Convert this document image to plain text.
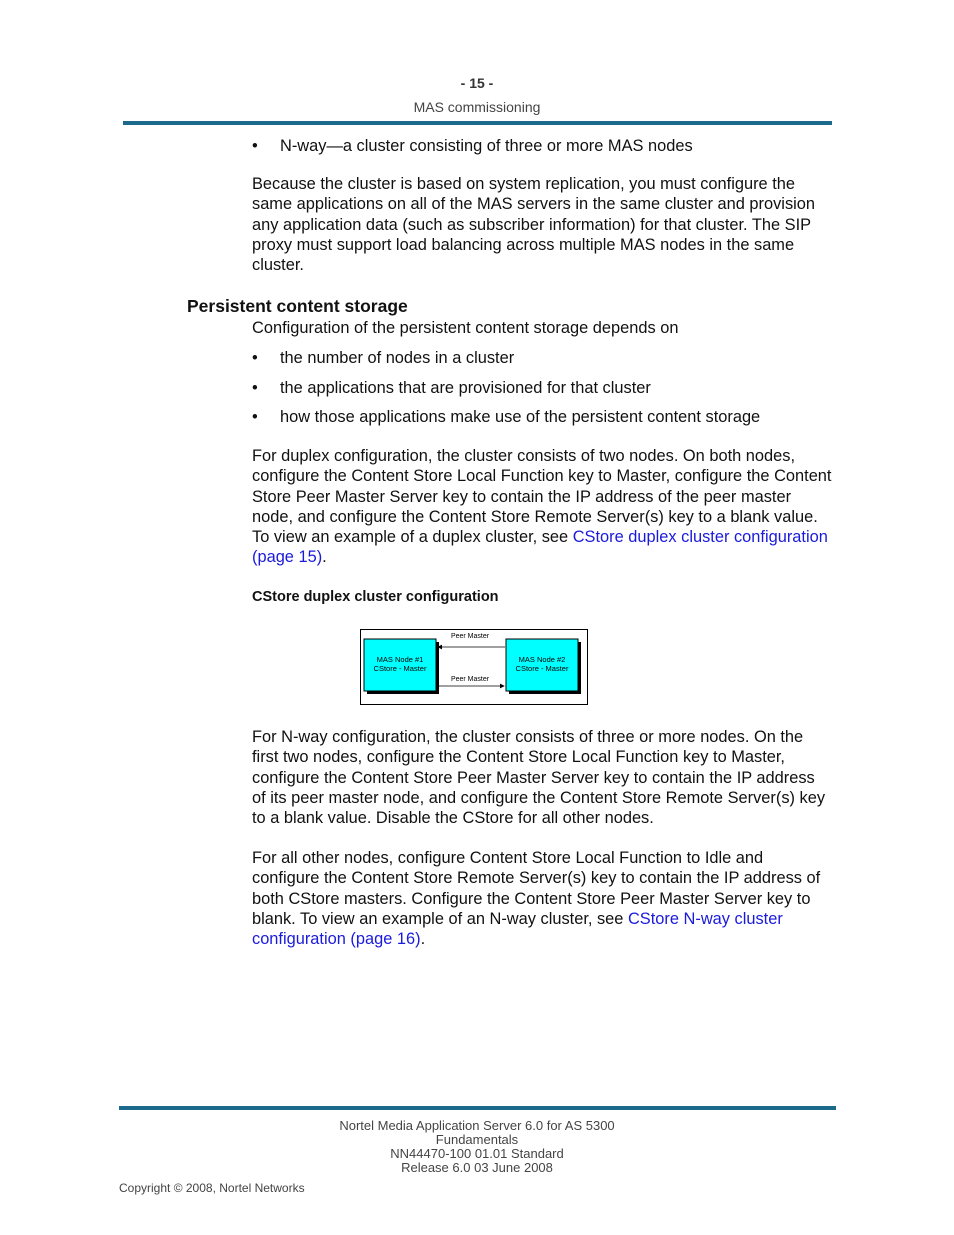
- 15 -
MAS commissioning
• N-way—a cluster consisting of three or more MAS nodes
Because the cluster is based on system replication, you must configure the same applications on all of the MAS servers in the same cluster and provision any application data (such as subscriber information) for that cluster. The SIP proxy must support load balancing across multiple MAS nodes in the same cluster.
Persistent content storage
Configuration of the persistent content storage depends on
• the number of nodes in a cluster
• the applications that are provisioned for that cluster
• how those applications make use of the persistent content storage
For duplex configuration, the cluster consists of two nodes. On both nodes, configure the Content Store Local Function key to Master, configure the Content Store Peer Master Server key to contain the IP address of the peer master node, and configure the Content Store Remote Server(s) key to a blank value. To view an example of a duplex cluster, see CStore duplex cluster configuration (page 15).
CStore duplex cluster configuration
MAS Node #1
CStore - Master
MAS Node #2
CStore - Master
Peer Master
Peer Master
For N-way configuration, the cluster consists of three or more nodes. On the first two nodes, configure the Content Store Local Function key to Master, configure the Content Store Peer Master Server key to contain the IP address of its peer master node, and configure the Content Store Remote Server(s) key to a blank value. Disable the CStore for all other nodes.
For all other nodes, configure Content Store Local Function to Idle and configure the Content Store Remote Server(s) key to contain the IP address of both CStore masters. Configure the Content Store Peer Master Server key to blank. To view an example of an N-way cluster, see CStore N-way cluster configuration (page 16).
Nortel Media Application Server 6.0 for AS 5300
Fundamentals
NN44470-100 01.01 Standard
Release 6.0 03 June 2008
Copyright © 2008, Nortel Networks
